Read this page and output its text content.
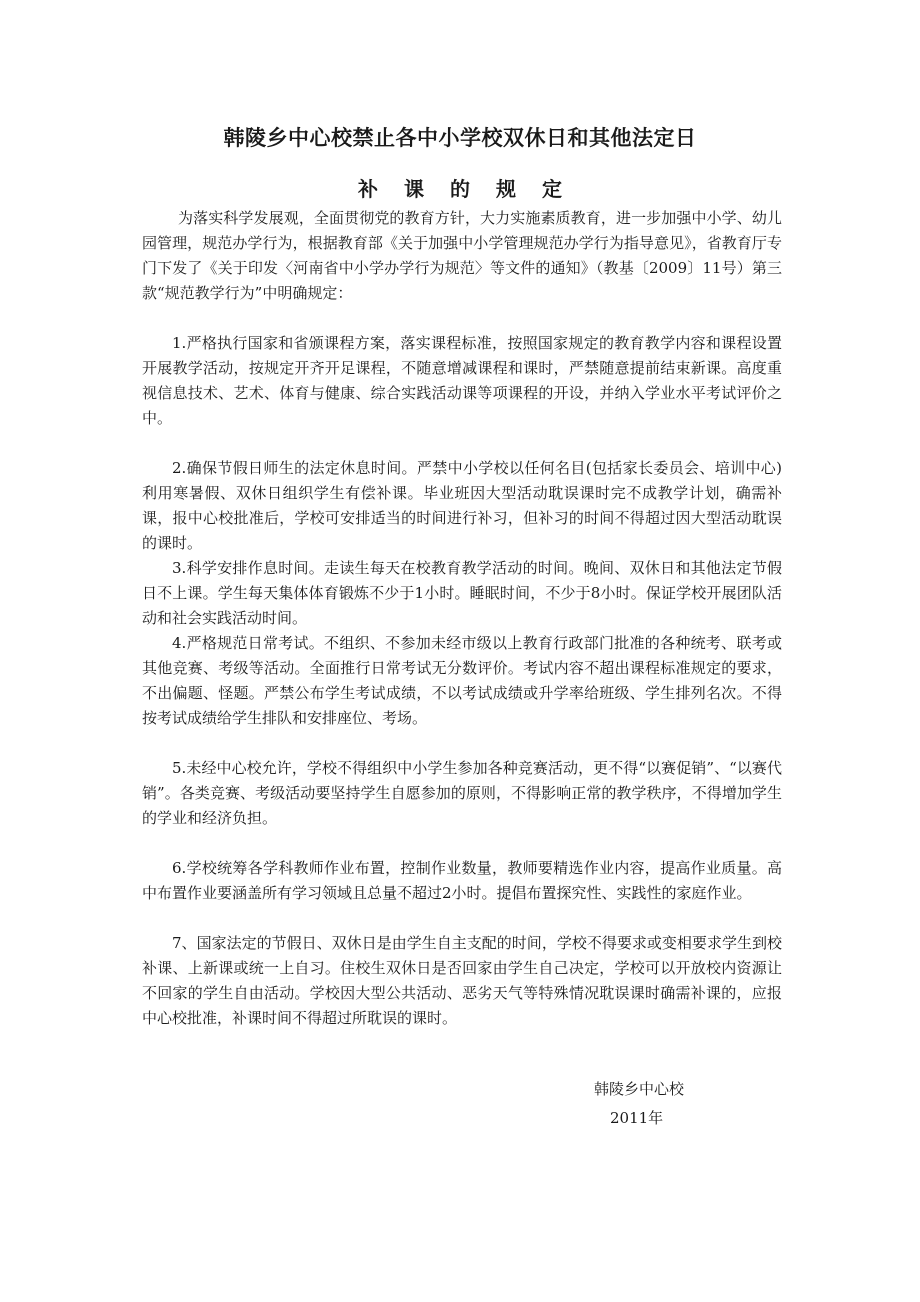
韩陵乡中心校禁止各中小学校双休日和其他法定日
补课的规定

为落实科学发展观，全面贯彻党的教育方针，大力实施素质教育，进一步加强中小学、幼儿园管理，规范办学行为，根据教育部《关于加强中小学管理规范办学行为指导意见》，省教育厅专门下发了《关于印发〈河南省中小学办学行为规范〉等文件的通知》（教基〔2009〕11号）第三款“规范教学行为”中明确规定：

1.严格执行国家和省颁课程方案，落实课程标准，按照国家规定的教育教学内容和课程设置开展教学活动，按规定开齐开足课程，不随意增减课程和课时，严禁随意提前结束新课。高度重视信息技术、艺术、体育与健康、综合实践活动课等项课程的开设，并纳入学业水平考试评价之中。

2.确保节假日师生的法定休息时间。严禁中小学校以任何名目(包括家长委员会、培训中心)利用寒暑假、双休日组织学生有偿补课。毕业班因大型活动耽误课时完不成教学计划，确需补课，报中心校批准后，学校可安排适当的时间进行补习，但补习的时间不得超过因大型活动耽误的课时。

3.科学安排作息时间。走读生每天在校教育教学活动的时间。晚间、双休日和其他法定节假日不上课。学生每天集体体育锻炼不少于1小时。睡眠时间，不少于8小时。保证学校开展团队活动和社会实践活动时间。

4.严格规范日常考试。不组织、不参加未经市级以上教育行政部门批准的各种统考、联考或其他竞赛、考级等活动。全面推行日常考试无分数评价。考试内容不超出课程标准规定的要求，不出偏题、怪题。严禁公布学生考试成绩，不以考试成绩或升学率给班级、学生排列名次。不得按考试成绩给学生排队和安排座位、考场。

5.未经中心校允许，学校不得组织中小学生参加各种竞赛活动，更不得“以赛促销”、“以赛代销”。各类竞赛、考级活动要坚持学生自愿参加的原则，不得影响正常的教学秩序，不得增加学生的学业和经济负担。

6.学校统筹各学科教师作业布置，控制作业数量，教师要精选作业内容，提高作业质量。高中布置作业要涵盖所有学习领域且总量不超过2小时。提倡布置探究性、实践性的家庭作业。

7、国家法定的节假日、双休日是由学生自主支配的时间，学校不得要求或变相要求学生到校补课、上新课或统一上自习。住校生双休日是否回家由学生自己决定，学校可以开放校内资源让不回家的学生自由活动。学校因大型公共活动、恶劣天气等特殊情况耽误课时确需补课的，应报中心校批准，补课时间不得超过所耽误的课时。

韩陵乡中心校
2011年
